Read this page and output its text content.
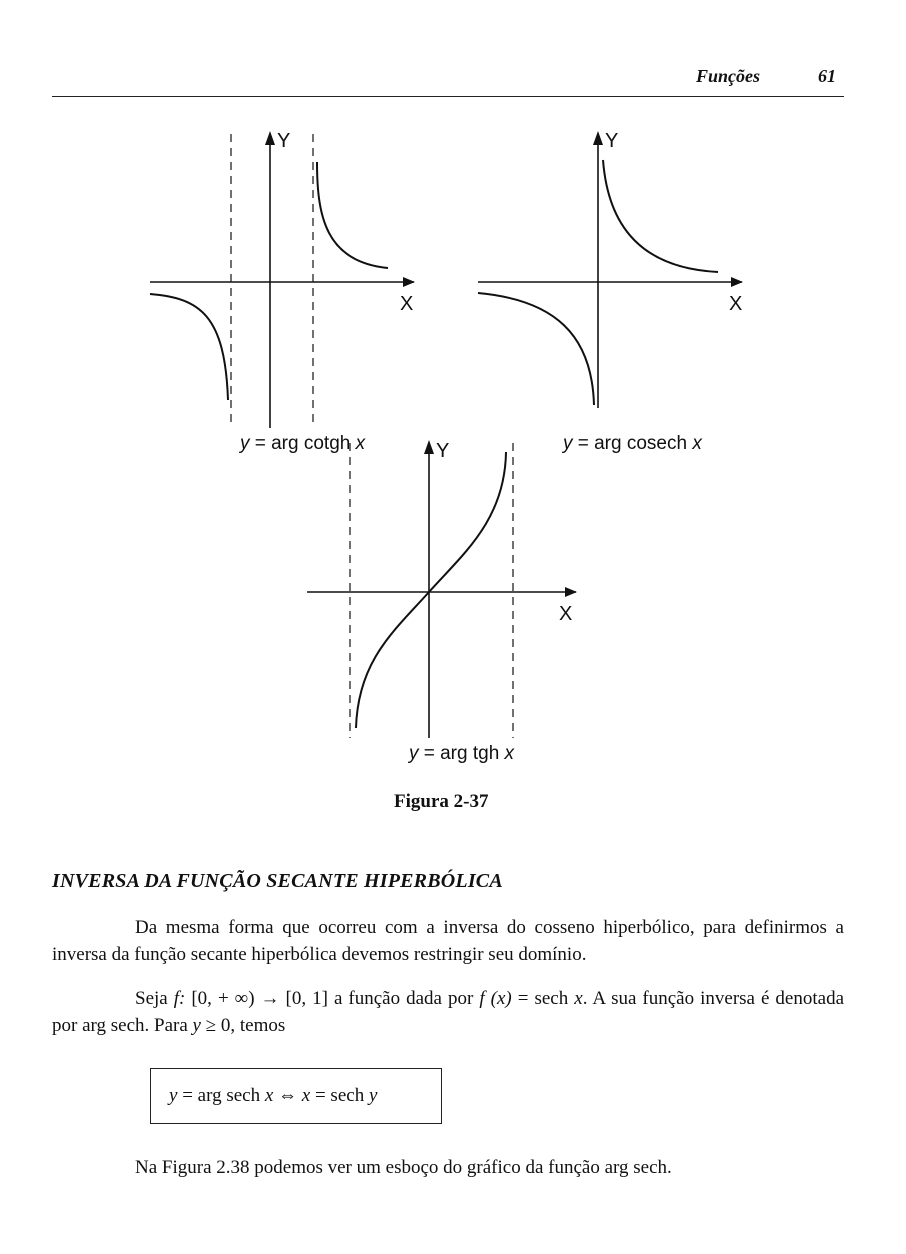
Funções	61
Y
X
y = arg cotgh x
Y
X
y = arg cosech x
Y
X
y = arg tgh x
Figura 2-37
INVERSA DA FUNÇÃO SECANTE HIPERBÓLICA

Da mesma forma que ocorreu com a inversa do cosseno hiperbólico, para definirmos a inversa da função secante hiperbólica devemos restringir seu domínio.

Seja f: [0, + ∞) → [0, 1] a função dada por f (x) = sech x. A sua função inversa é denotada por arg sech. Para y ≥ 0, temos

y = arg sech x ⇔ x = sech y

Na Figura 2.38 podemos ver um esboço do gráfico da função arg sech.
